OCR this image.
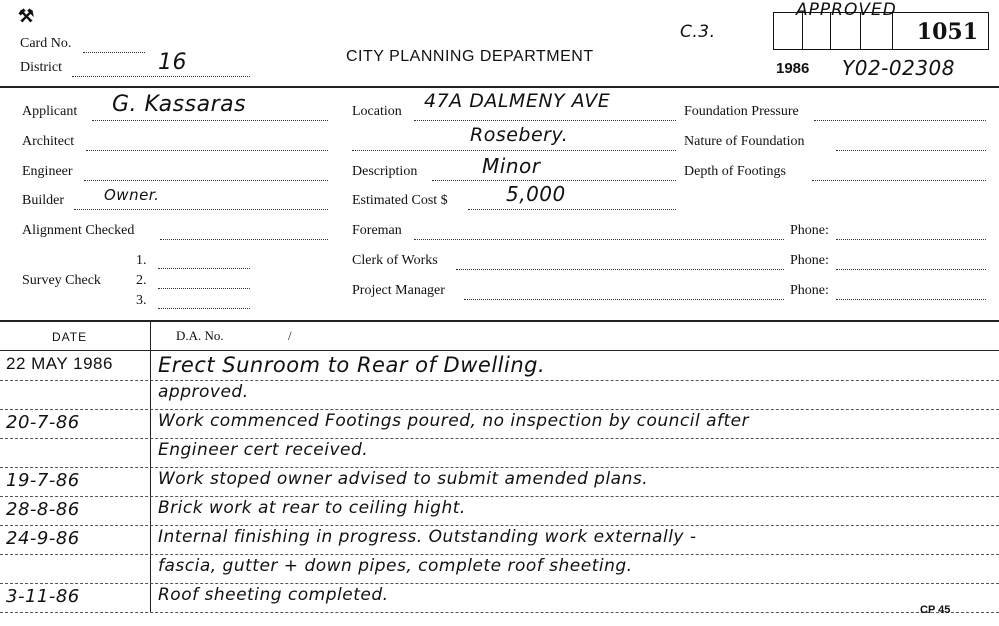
⚒
Card No.
District	16	CITY PLANNING DEPARTMENT
C.3.
APPROVED
1051
1986 Y02-02308
Applicant G. Kassaras
Architect
Engineer
Builder	Owner.
Alignment Checked
Survey Check
1.
2.
3.
Location 47A DALMENY AVE
Rosebery.
Description	Minor
Estimated Cost $	5,000
Foreman	Phone:
Clerk of Works	Phone:
Project Manager	Phone:
Foundation Pressure
Nature of Foundation
Depth of Footings
DATE	D.A. No.	/
22 MAY 1986 Erect Sunroom to Rear of Dwelling.
approved.
20-7-86	Work commenced Footings poured, no inspection by council after
Engineer cert received.
19-7-86	Work stoped owner advised to submit amended plans.
28-8-86	Brick work at rear to ceiling hight.
24-9-86	Internal finishing in progress. Outstanding work externally -
fascia, gutter + down pipes, complete roof sheeting.
3-11-86	Roof sheeting completed.
CP 45
